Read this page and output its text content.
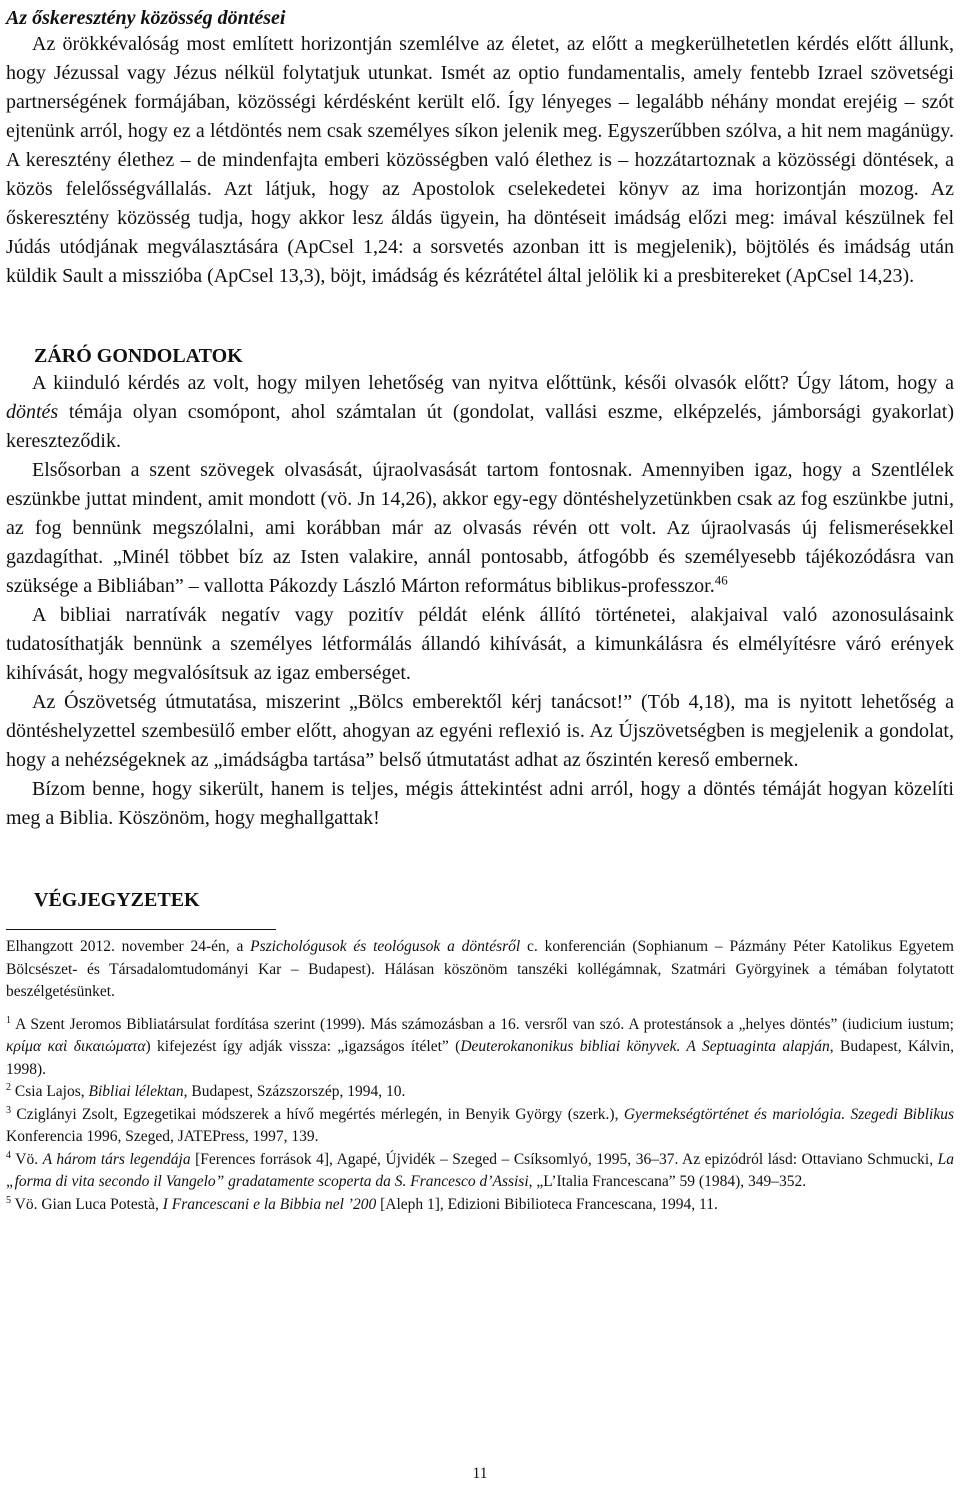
Az őskeresztény közösség döntései

Az örökkévalóság most említett horizontján szemlélve az életet, az előtt a megkerülhetetlen kérdés előtt állunk, hogy Jézussal vagy Jézus nélkül folytatjuk utunkat. Ismét az optio fundamentalis, amely fentebb Izrael szövetségi partnerségének formájában, közösségi kérdésként került elő. Így lényeges – legalább néhány mondat erejéig – szót ejtenünk arról, hogy ez a létdöntés nem csak személyes síkon jelenik meg. Egyszerűbben szólva, a hit nem magánügy. A keresztény élethez – de mindenfajta emberi közösségben való élethez is – hozzátartoznak a közösségi döntések, a közös felelősségvállalás. Azt látjuk, hogy az Apostolok cselekedetei könyv az ima horizontján mozog. Az őskeresztény közösség tudja, hogy akkor lesz áldás ügyein, ha döntéseit imádság előzi meg: imával készülnek fel Júdás utódjának megválasztására (ApCsel 1,24: a sorsvetés azonban itt is megjelenik), böjtölés és imádság után küldik Sault a misszióba (ApCsel 13,3), böjt, imádság és kézrátétel által jelölik ki a presbitereket (ApCsel 14,23).

ZÁRÓ GONDOLATOK

A kiinduló kérdés az volt, hogy milyen lehetőség van nyitva előttünk, késői olvasók előtt? Úgy látom, hogy a döntés témája olyan csomópont, ahol számtalan út (gondolat, vallási eszme, elképzelés, jámborsági gyakorlat) kereszteződik.

Elsősorban a szent szövegek olvasását, újraolvasását tartom fontosnak. Amennyiben igaz, hogy a Szentlélek eszünkbe juttat mindent, amit mondott (vö. Jn 14,26), akkor egy-egy döntéshelyzetünkben csak az fog eszünkbe jutni, az fog bennünk megszólalni, ami korábban már az olvasás révén ott volt. Az újraolvasás új felismerésekkel gazdagíthat. „Minél többet bíz az Isten valakire, annál pontosabb, átfogóbb és személyesebb tájékozódásra van szüksége a Bibliában” – vallotta Pákozdy László Márton református biblikus-professzor.$^{46}$

A bibliai narratívák negatív vagy pozitív példát elénk állító történetei, alakjaival való azonosulásaink tudatosíthatják bennünk a személyes létformálás állandó kihívását, a kimunkálásra és elmélyítésre váró erények kihívását, hogy megvalósítsuk az igaz emberséget.

Az Ószövetség útmutatása, miszerint „Bölcs emberektől kérj tanácsot!” (Tób 4,18), ma is nyitott lehetőség a döntéshelyzettel szembesülő ember előtt, ahogyan az egyéni reflexió is. Az Újszövetségben is megjelenik a gondolat, hogy a nehézségeknek az „imádságba tartása” belső útmutatást adhat az őszintén kereső embernek.

Bízom benne, hogy sikerült, hanem is teljes, mégis áttekintést adni arról, hogy a döntés témáját hogyan közelíti meg a Biblia. Köszönöm, hogy meghallgattak!

VÉGJEGYZETEK

Elhangzott 2012. november 24-én, a Pszichológusok és teológusok a döntésről c. konferencián (Sophianum – Pázmány Péter Katolikus Egyetem Bölcsészet- és Társadalomtudományi Kar – Budapest). Hálásan köszönöm tanszéki kollégámnak, Szatmári Györgyinek a témában folytatott beszélgetésünket.

$^1$ A Szent Jeromos Bibliatársulat fordítása szerint (1999). Más számozásban a 16. versről van szó. A protestánsok a „helyes döntés” (iudicium iustum; κρίμα καὶ δικαιώματα) kifejezést így adják vissza: „igazságos ítélet” (Deuterokanonikus bibliai könyvek. A Septuaginta alapján, Budapest, Kálvin, 1998).

$^2$ Csia Lajos, Bibliai lélektan, Budapest, Százszorszép, 1994, 10.

$^3$ Cziglányi Zsolt, Egzegetikai módszerek a hívő megértés mérlegén, in Benyik György (szerk.), Gyermekségtörténet és mariológia. Szegedi Biblikus Konferencia 1996, Szeged, JATEPress, 1997, 139.

$^4$ Vö. A három társ legendája [Ferences források 4], Agapé, Újvidék – Szeged – Csíksomlyó, 1995, 36–37. Az epizódról lásd: Ottaviano Schmucki, La „forma di vita secondo il Vangelo” gradatamente scoperta da S. Francesco d’Assisi, „L’Italia Francescana” 59 (1984), 349–352.

$^5$ Vö. Gian Luca Potestà, I Francescani e la Bibbia nel ’200 [Aleph 1], Edizioni Bibilioteca Francescana, 1994, 11.

11
